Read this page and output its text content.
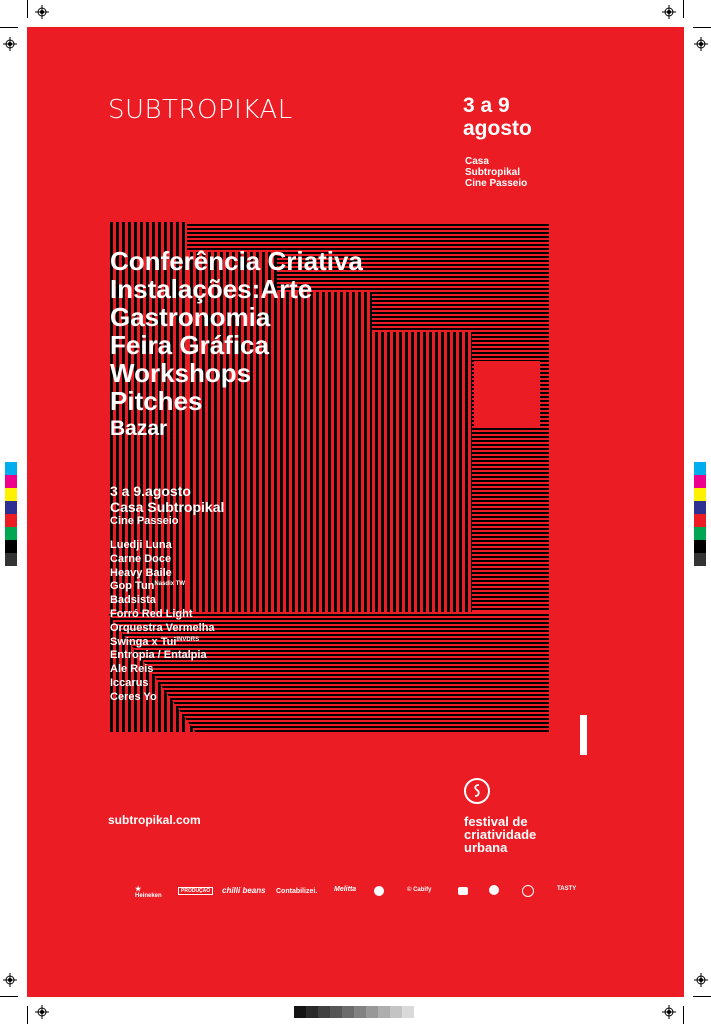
SUBTROPIKAL	3 a 9
agosto
Casa
Subtropikal
Cine Passeio
Conferência Criativa
Instalações:Arte
Gastronomia
Feira Gráfica
Workshops
Pitches
Bazar
3 a 9.agosto
Casa Subtropikal
Cine Passeio
Luedji Luna
Carne Doce
Heavy Baile
Gop Tun$^{Nasdix TW}$
Badsista
Forró Red Light
Orquestra Vermelha
Swinga x Tui$^{INVDRS}$
Entropia / Entalpia
Ale Reis
Iccarus
Ceres Yo
subtropikal.com	festival de
criatividade
urbana
★
Heineken
PRODUÇÃO	chilli beans Contabilizei. Melitta	© Cabify	TASTY
